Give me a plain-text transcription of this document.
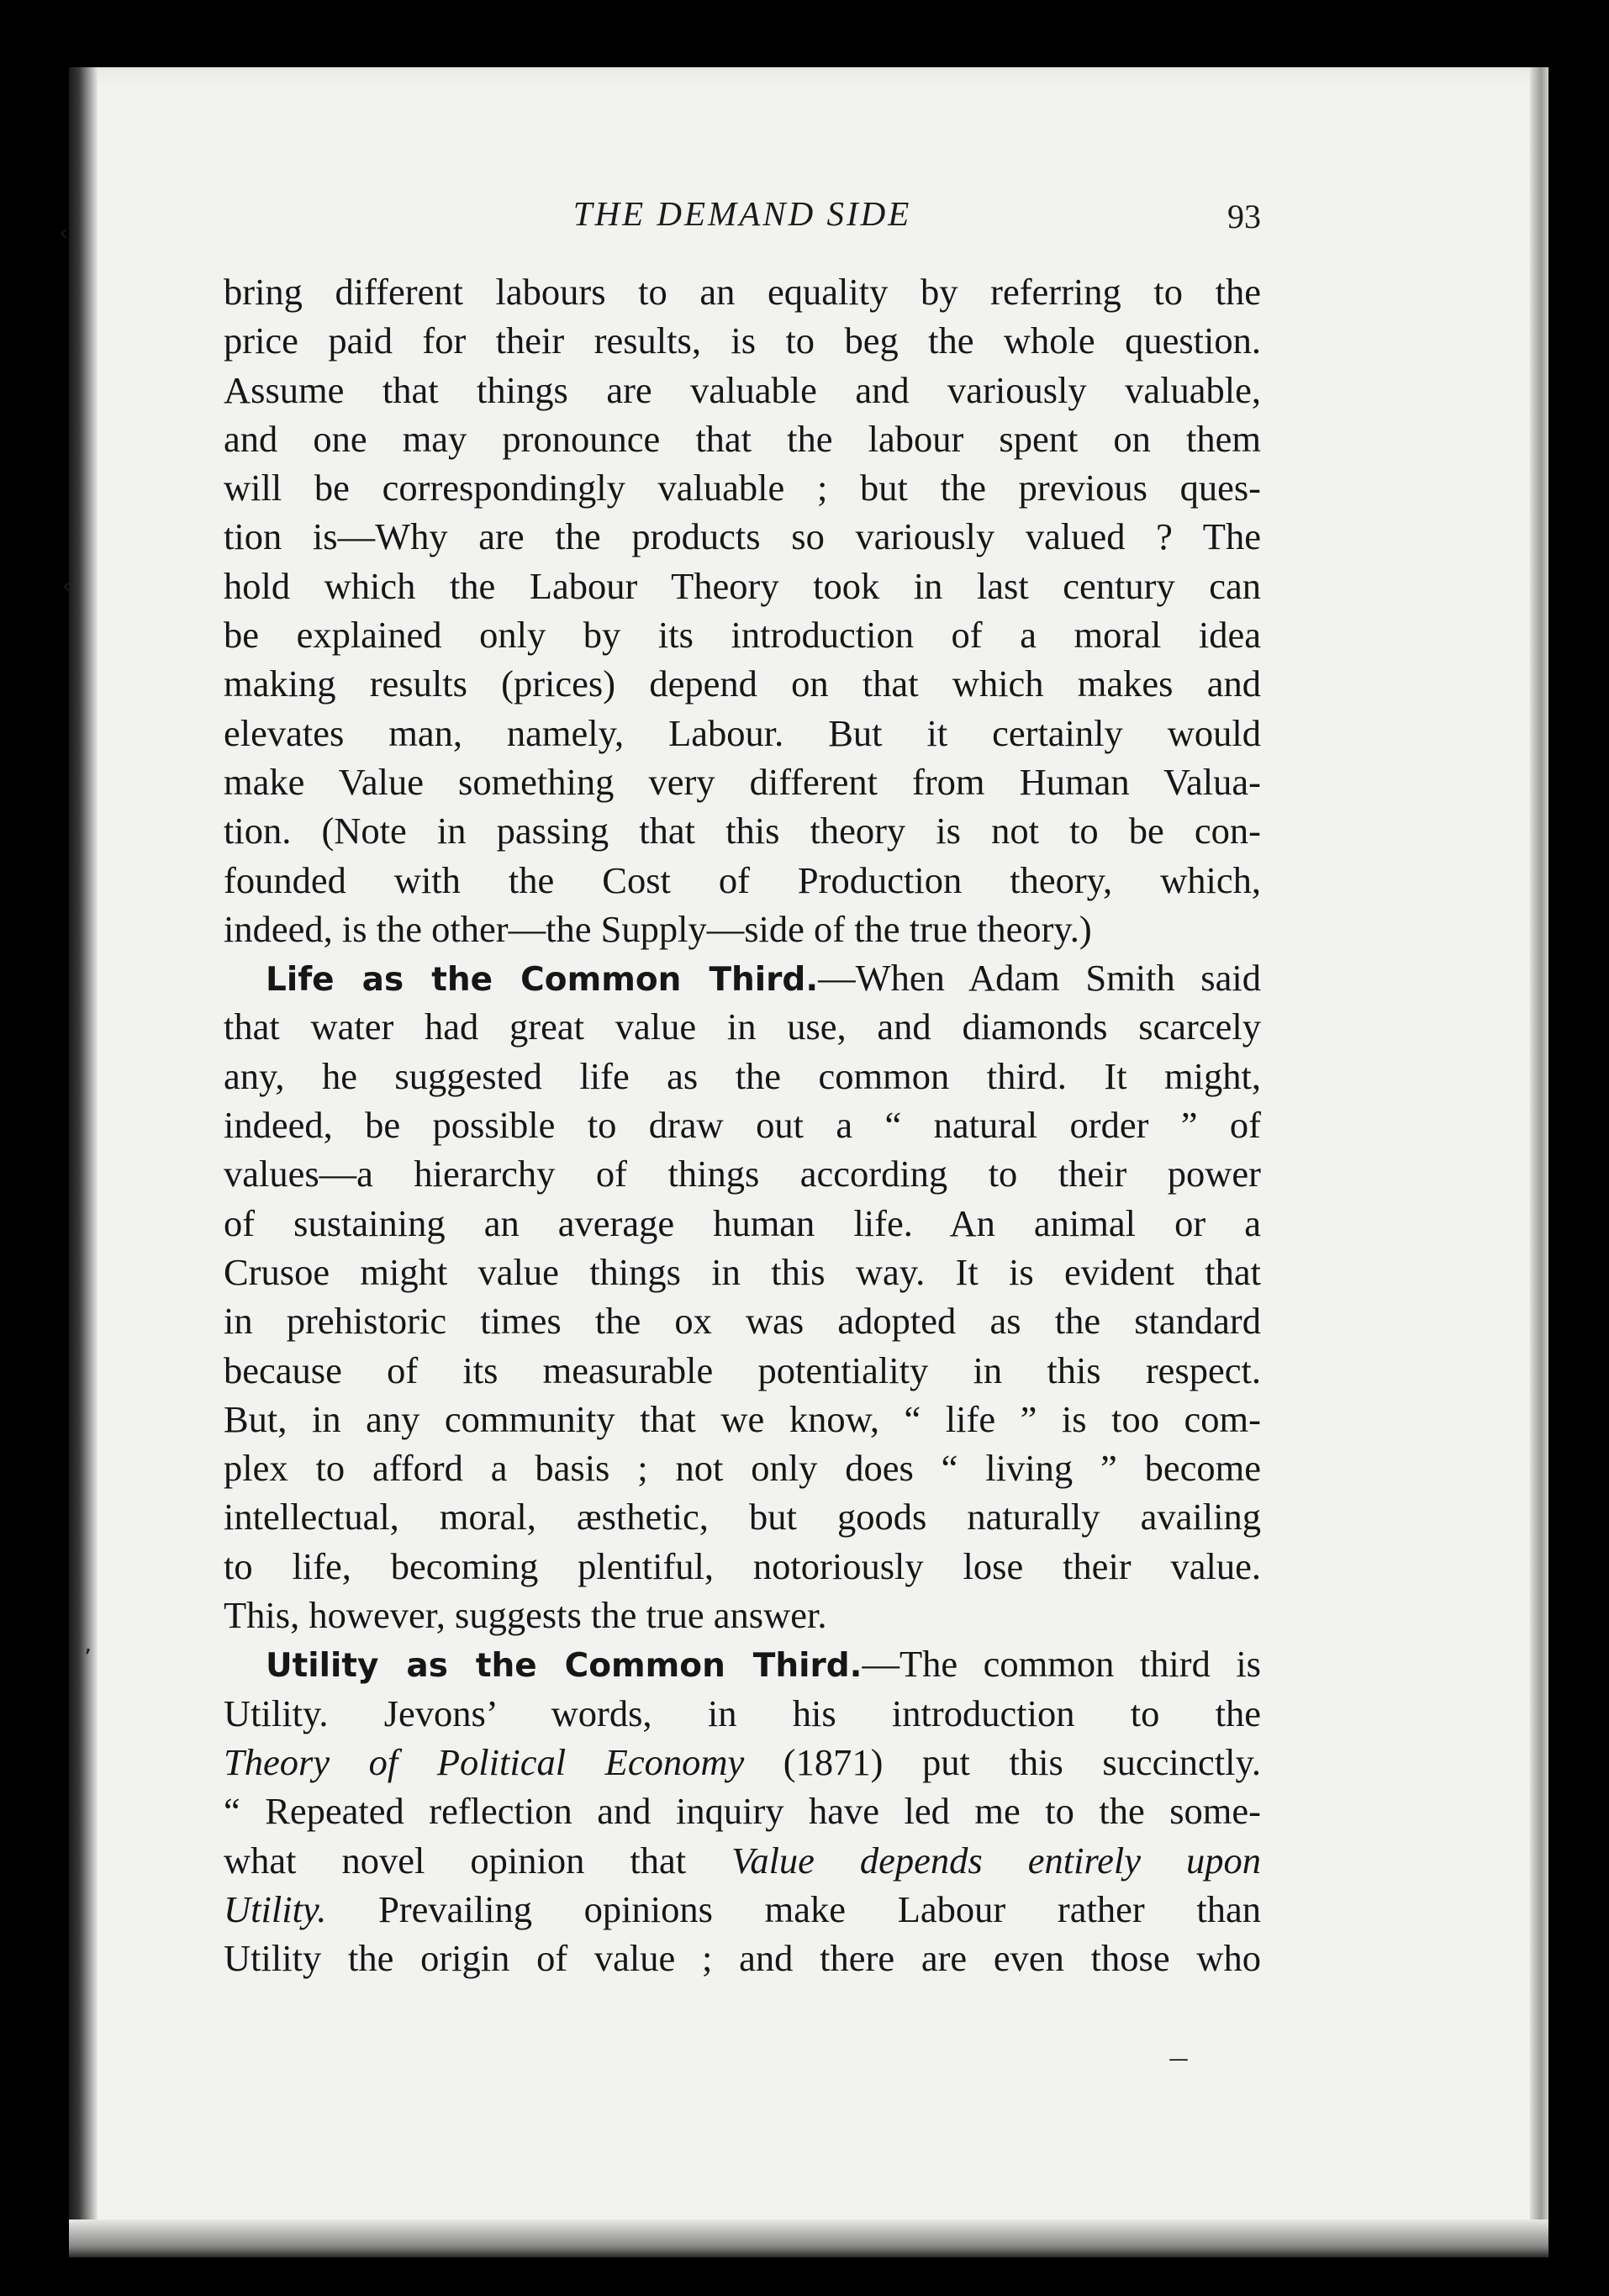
THE DEMAND SIDE	93
bring different labours to an equality by referring to the
price paid for their results, is to beg the whole question.
Assume that things are valuable and variously valuable,
and one may pronounce that the labour spent on them
will be correspondingly valuable ; but the previous ques-
tion is—Why are the products so variously valued ? The
hold which the Labour Theory took in last century can
be explained only by its introduction of a moral idea
making results (prices) depend on that which makes and
elevates man, namely, Labour. But it certainly would
make Value something very different from Human Valua-
tion. (Note in passing that this theory is not to be con-
founded with the Cost of Production theory, which,
indeed, is the other—the Supply—side of the true theory.)
Life as the Common Third.—When Adam Smith said
that water had great value in use, and diamonds scarcely
any, he suggested life as the common third. It might,
indeed, be possible to draw out a “ natural order ” of
values—a hierarchy of things according to their power
of sustaining an average human life. An animal or a
Crusoe might value things in this way. It is evident that
in prehistoric times the ox was adopted as the standard
because of its measurable potentiality in this respect.
But, in any community that we know, “ life ” is too com-
plex to afford a basis ; not only does “ living ” become
intellectual, moral, æsthetic, but goods naturally availing
to life, becoming plentiful, notoriously lose their value.
This, however, suggests the true answer.
Utility as the Common Third.—The common third is
Utility. Jevons’ words, in his introduction to the
Theory of Political Economy (1871) put this succinctly.
“ Repeated reflection and inquiry have led me to the some-
what novel opinion that Value depends entirely upon
Utility. Prevailing opinions make Labour rather than
Utility the origin of value ; and there are even those who
‹
‹
’
—
